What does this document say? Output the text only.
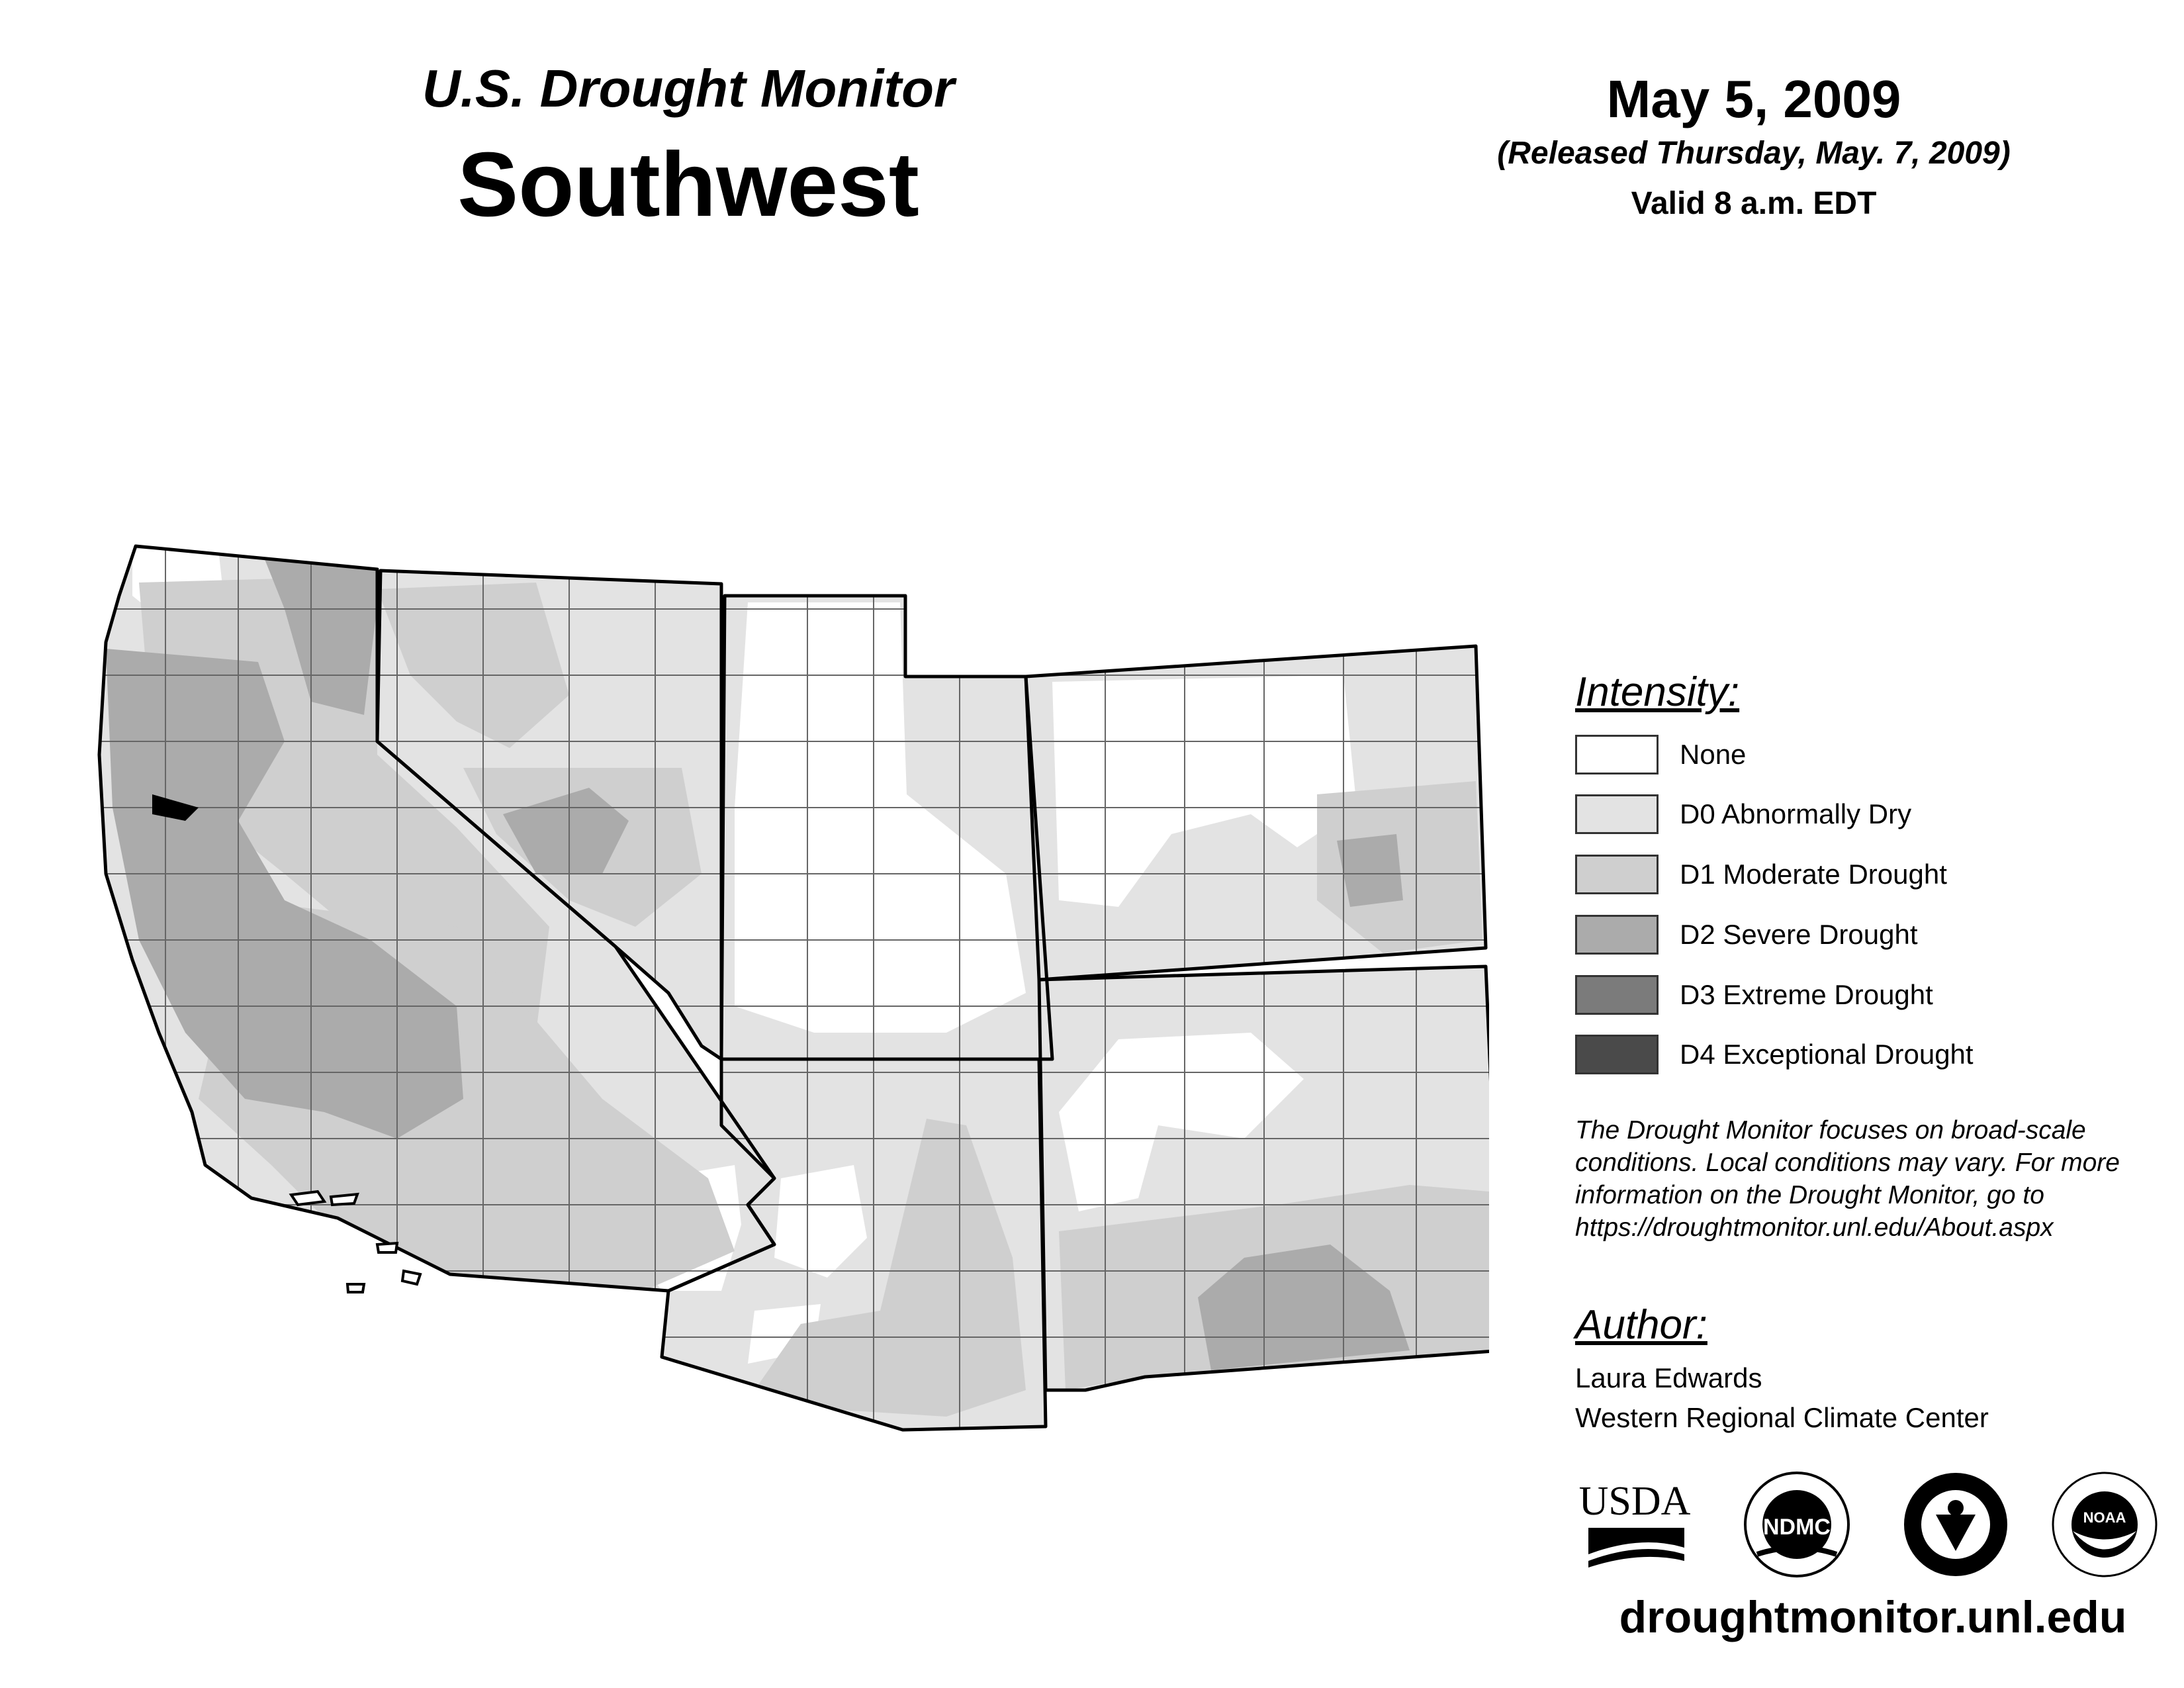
U.S. Drought Monitor
Southwest
May 5, 2009
(Released Thursday, May. 7, 2009)
Valid 8 a.m. EDT
Intensity:
None
D0 Abnormally Dry
D1 Moderate Drought
D2 Severe Drought
D3 Extreme Drought
D4 Exceptional Drought
The Drought Monitor focuses on broad-scale
conditions. Local conditions may vary. For more
information on the Drought Monitor, go to
https://droughtmonitor.unl.edu/About.aspx
Author:
Laura Edwards
Western Regional Climate Center
USDA
NDMC	NOAA
droughtmonitor.unl.edu
